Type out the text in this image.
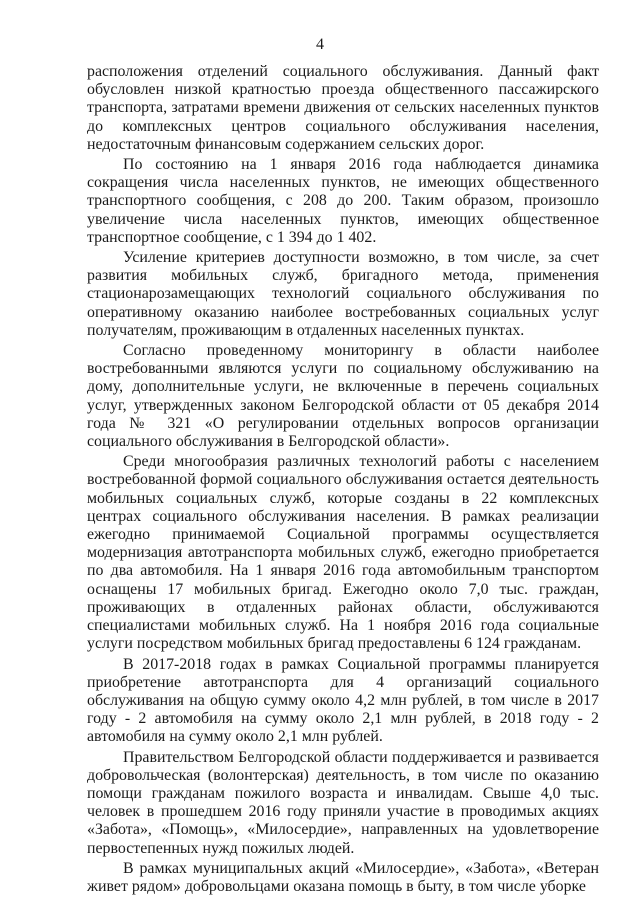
4

расположения отделений социального обслуживания. Данный факт обусловлен низкой кратностью проезда общественного пассажирского транспорта, затратами времени движения от сельских населенных пунктов до комплексных центров социального обслуживания населения, недостаточным финансовым содержанием сельских дорог.

По состоянию на 1 января 2016 года наблюдается динамика сокращения числа населенных пунктов, не имеющих общественного транспортного сообщения, с 208 до 200. Таким образом, произошло увеличение числа населенных пунктов, имеющих общественное транспортное сообщение, с 1 394 до 1 402.

Усиление критериев доступности возможно, в том числе, за счет развития мобильных служб, бригадного метода, применения стационарозамещающих технологий социального обслуживания по оперативному оказанию наиболее востребованных социальных услуг получателям, проживающим в отдаленных населенных пунктах.

Согласно проведенному мониторингу в области наиболее востребованными являются услуги по социальному обслуживанию на дому, дополнительные услуги, не включенные в перечень социальных услуг, утвержденных законом Белгородской области от 05 декабря 2014 года № 321 «О регулировании отдельных вопросов организации социального обслуживания в Белгородской области».

Среди многообразия различных технологий работы с населением востребованной формой социального обслуживания остается деятельность мобильных социальных служб, которые созданы в 22 комплексных центрах социального обслуживания населения. В рамках реализации ежегодно принимаемой Социальной программы осуществляется модернизация автотранспорта мобильных служб, ежегодно приобретается по два автомобиля. На 1 января 2016 года автомобильным транспортом оснащены 17 мобильных бригад. Ежегодно около 7,0 тыс. граждан, проживающих в отдаленных районах области, обслуживаются специалистами мобильных служб. На 1 ноября 2016 года социальные услуги посредством мобильных бригад предоставлены 6 124 гражданам.

В 2017-2018 годах в рамках Социальной программы планируется приобретение автотранспорта для 4 организаций социального обслуживания на общую сумму около 4,2 млн рублей, в том числе в 2017 году - 2 автомобиля на сумму около 2,1 млн рублей, в 2018 году - 2 автомобиля на сумму около 2,1 млн рублей.

Правительством Белгородской области поддерживается и развивается добровольческая (волонтерская) деятельность, в том числе по оказанию помощи гражданам пожилого возраста и инвалидам. Свыше 4,0 тыс. человек в прошедшем 2016 году приняли участие в проводимых акциях «Забота», «Помощь», «Милосердие», направленных на удовлетворение первостепенных нужд пожилых людей.

В рамках муниципальных акций «Милосердие», «Забота», «Ветеран живет рядом» добровольцами оказана помощь в быту, в том числе уборке
